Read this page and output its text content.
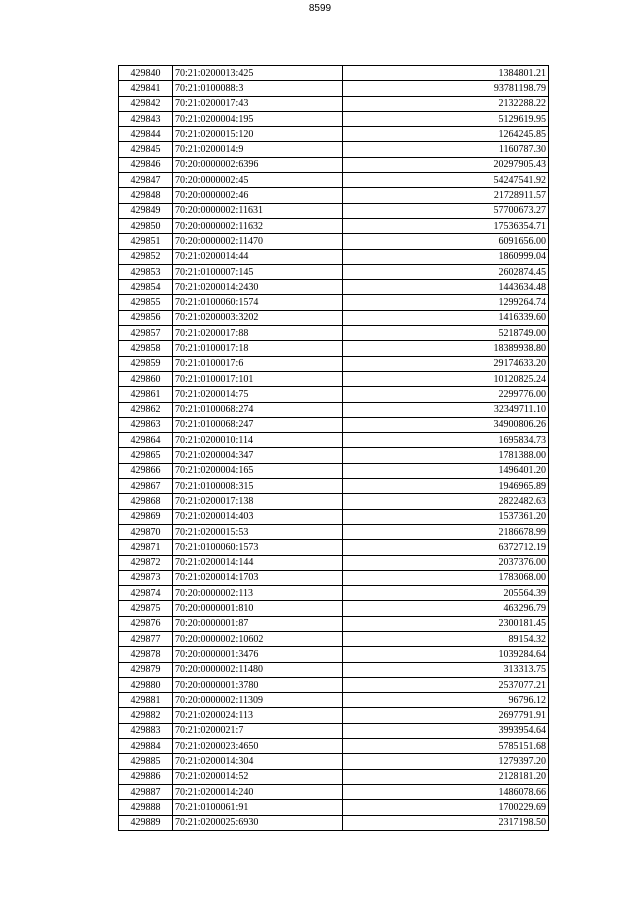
8599
429840	70:21:0200013:425	1384801.21
429841	70:21:0100088:3	93781198.79
429842	70:21:0200017:43	2132288.22
429843	70:21:0200004:195	5129619.95
429844	70:21:0200015:120	1264245.85
429845	70:21:0200014:9	1160787.30
429846	70:20:0000002:6396	20297905.43
429847	70:20:0000002:45	54247541.92
429848	70:20:0000002:46	21728911.57
429849	70:20:0000002:11631	57700673.27
429850	70:20:0000002:11632	17536354.71
429851	70:20:0000002:11470	6091656.00
429852	70:21:0200014:44	1860999.04
429853	70:21:0100007:145	2602874.45
429854	70:21:0200014:2430	1443634.48
429855	70:21:0100060:1574	1299264.74
429856	70:21:0200003:3202	1416339.60
429857	70:21:0200017:88	5218749.00
429858	70:21:0100017:18	18389938.80
429859	70:21:0100017:6	29174633.20
429860	70:21:0100017:101	10120825.24
429861	70:21:0200014:75	2299776.00
429862	70:21:0100068:274	32349711.10
429863	70:21:0100068:247	34900806.26
429864	70:21:0200010:114	1695834.73
429865	70:21:0200004:347	1781388.00
429866	70:21:0200004:165	1496401.20
429867	70:21:0100008:315	1946965.89
429868	70:21:0200017:138	2822482.63
429869	70:21:0200014:403	1537361.20
429870	70:21:0200015:53	2186678.99
429871	70:21:0100060:1573	6372712.19
429872	70:21:0200014:144	2037376.00
429873	70:21:0200014:1703	1783068.00
429874	70:20:0000002:113	205564.39
429875	70:20:0000001:810	463296.79
429876	70:20:0000001:87	2300181.45
429877	70:20:0000002:10602	89154.32
429878	70:20:0000001:3476	1039284.64
429879	70:20:0000002:11480	313313.75
429880	70:20:0000001:3780	2537077.21
429881	70:20:0000002:11309	96796.12
429882	70:21:0200024:113	2697791.91
429883	70:21:0200021:7	3993954.64
429884	70:21:0200023:4650	5785151.68
429885	70:21:0200014:304	1279397.20
429886	70:21:0200014:52	2128181.20
429887	70:21:0200014:240	1486078.66
429888	70:21:0100061:91	1700229.69
429889	70:21:0200025:6930	2317198.50
